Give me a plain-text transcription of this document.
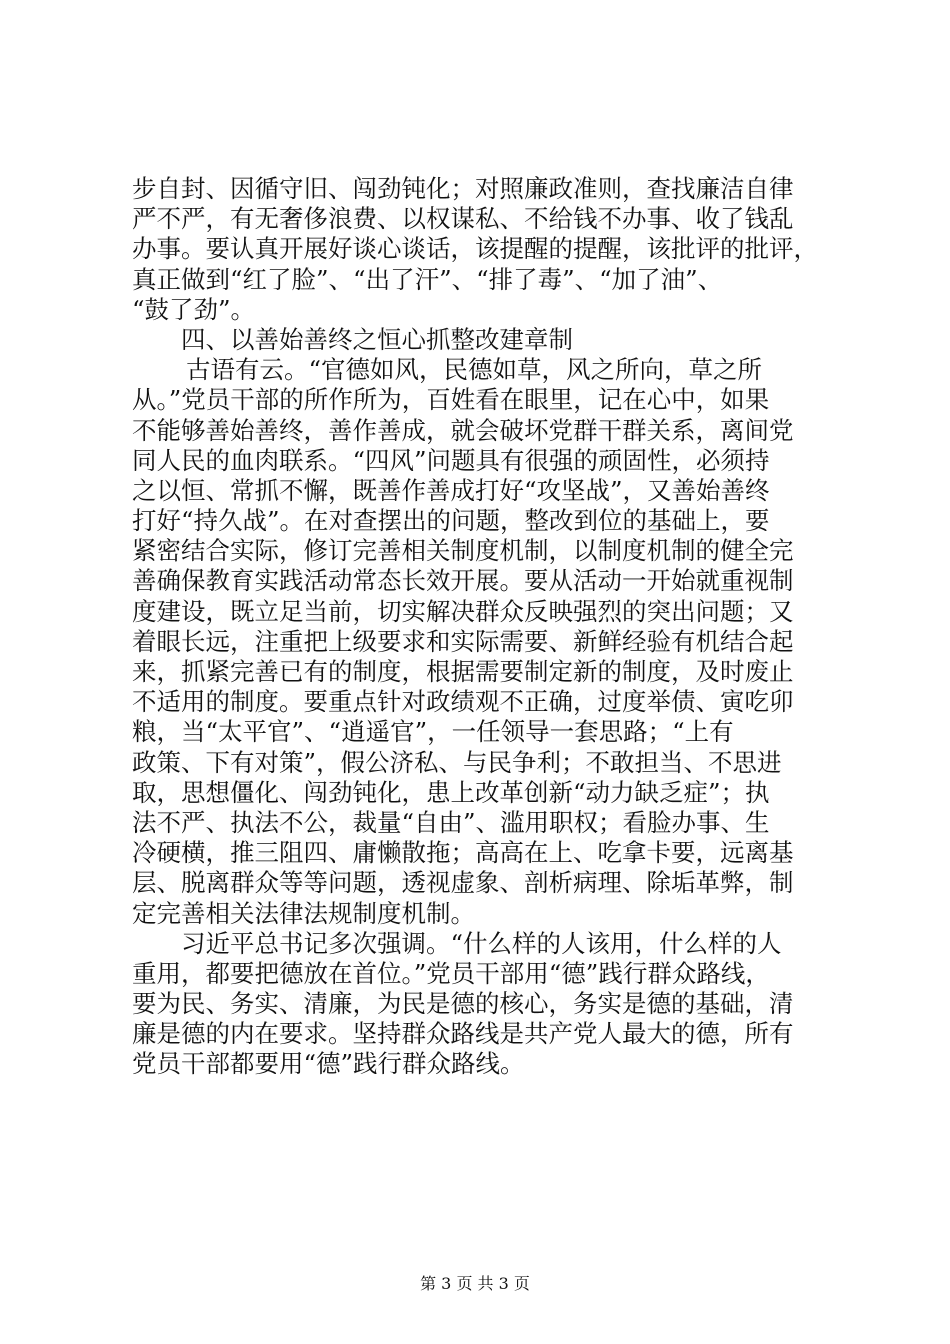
步自封、因循守旧、闯劲钝化；对照廉政准则，查找廉洁自律
严不严，有无奢侈浪费、以权谋私、不给钱不办事、收了钱乱
办事。要认真开展好谈心谈话，该提醒的提醒，该批评的批评，
真正做到“红了脸”、“出了汗”、“排了毒”、“加了油”、
“鼓了劲”。
四、以善始善终之恒心抓整改建章制
古语有云。“官德如风，民德如草，风之所向，草之所
从。”党员干部的所作所为，百姓看在眼里，记在心中，如果
不能够善始善终，善作善成，就会破坏党群干群关系，离间党
同人民的血肉联系。“四风”问题具有很强的顽固性，必须持
之以恒、常抓不懈，既善作善成打好“攻坚战”，又善始善终
打好“持久战”。在对查摆出的问题，整改到位的基础上，要
紧密结合实际，修订完善相关制度机制，以制度机制的健全完
善确保教育实践活动常态长效开展。要从活动一开始就重视制
度建设，既立足当前，切实解决群众反映强烈的突出问题；又
着眼长远，注重把上级要求和实际需要、新鲜经验有机结合起
来，抓紧完善已有的制度，根据需要制定新的制度，及时废止
不适用的制度。要重点针对政绩观不正确，过度举债、寅吃卯
粮，当“太平官”、“逍遥官”，一任领导一套思路；“上有
政策、下有对策”，假公济私、与民争利；不敢担当、不思进
取，思想僵化、闯劲钝化，患上改革创新“动力缺乏症”；执
法不严、执法不公，裁量“自由”、滥用职权；看脸办事、生
冷硬横，推三阻四、庸懒散拖；高高在上、吃拿卡要，远离基
层、脱离群众等等问题，透视虚象、剖析病理、除垢革弊，制
定完善相关法律法规制度机制。
习近平总书记多次强调。“什么样的人该用，什么样的人
重用，都要把德放在首位。”党员干部用“德”践行群众路线，
要为民、务实、清廉，为民是德的核心，务实是德的基础，清
廉是德的内在要求。坚持群众路线是共产党人最大的德，所有
党员干部都要用“德”践行群众路线。
第 3 页 共 3 页
